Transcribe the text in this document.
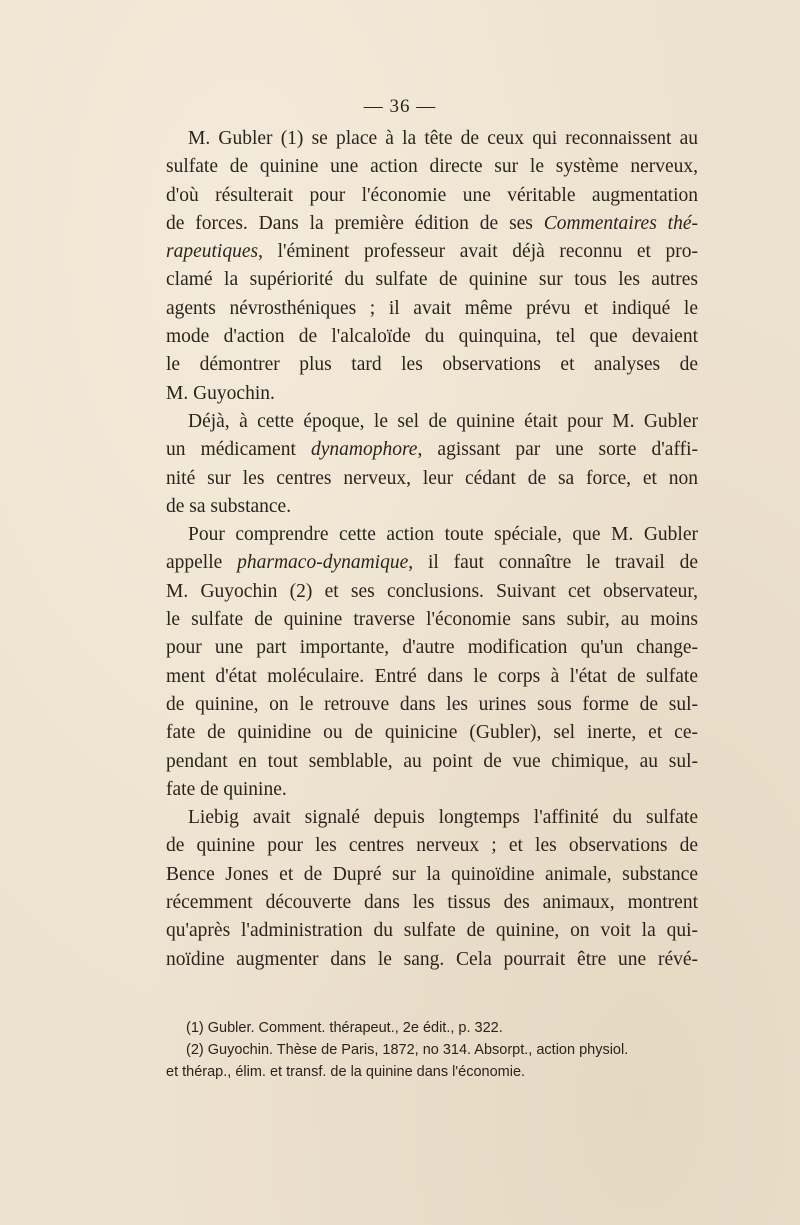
— 36 —
M. Gubler (1) se place à la tête de ceux qui reconnaissent au
sulfate de quinine une action directe sur le système nerveux,
d'où résulterait pour l'économie une véritable augmentation
de forces. Dans la première édition de ses Commentaires thé-
rapeutiques, l'éminent professeur avait déjà reconnu et pro-
clamé la supériorité du sulfate de quinine sur tous les autres
agents névrosthéniques ; il avait même prévu et indiqué le
mode d'action de l'alcaloïde du quinquina, tel que devaient
le démontrer plus tard les observations et analyses de
M. Guyochin.
Déjà, à cette époque, le sel de quinine était pour M. Gubler
un médicament dynamophore, agissant par une sorte d'affi-
nité sur les centres nerveux, leur cédant de sa force, et non
de sa substance.
Pour comprendre cette action toute spéciale, que M. Gubler
appelle pharmaco-dynamique, il faut connaître le travail de
M. Guyochin (2) et ses conclusions. Suivant cet observateur,
le sulfate de quinine traverse l'économie sans subir, au moins
pour une part importante, d'autre modification qu'un change-
ment d'état moléculaire. Entré dans le corps à l'état de sulfate
de quinine, on le retrouve dans les urines sous forme de sul-
fate de quinidine ou de quinicine (Gubler), sel inerte, et ce-
pendant en tout semblable, au point de vue chimique, au sul-
fate de quinine.
Liebig avait signalé depuis longtemps l'affinité du sulfate
de quinine pour les centres nerveux ; et les observations de
Bence Jones et de Dupré sur la quinoïdine animale, substance
récemment découverte dans les tissus des animaux, montrent
qu'après l'administration du sulfate de quinine, on voit la qui-
noïdine augmenter dans le sang. Cela pourrait être une révé-
(1) Gubler. Comment. thérapeut., 2e édit., p. 322.
(2) Guyochin. Thèse de Paris, 1872, no 314. Absorpt., action physiol.
et thérap., élim. et transf. de la quinine dans l'économie.
